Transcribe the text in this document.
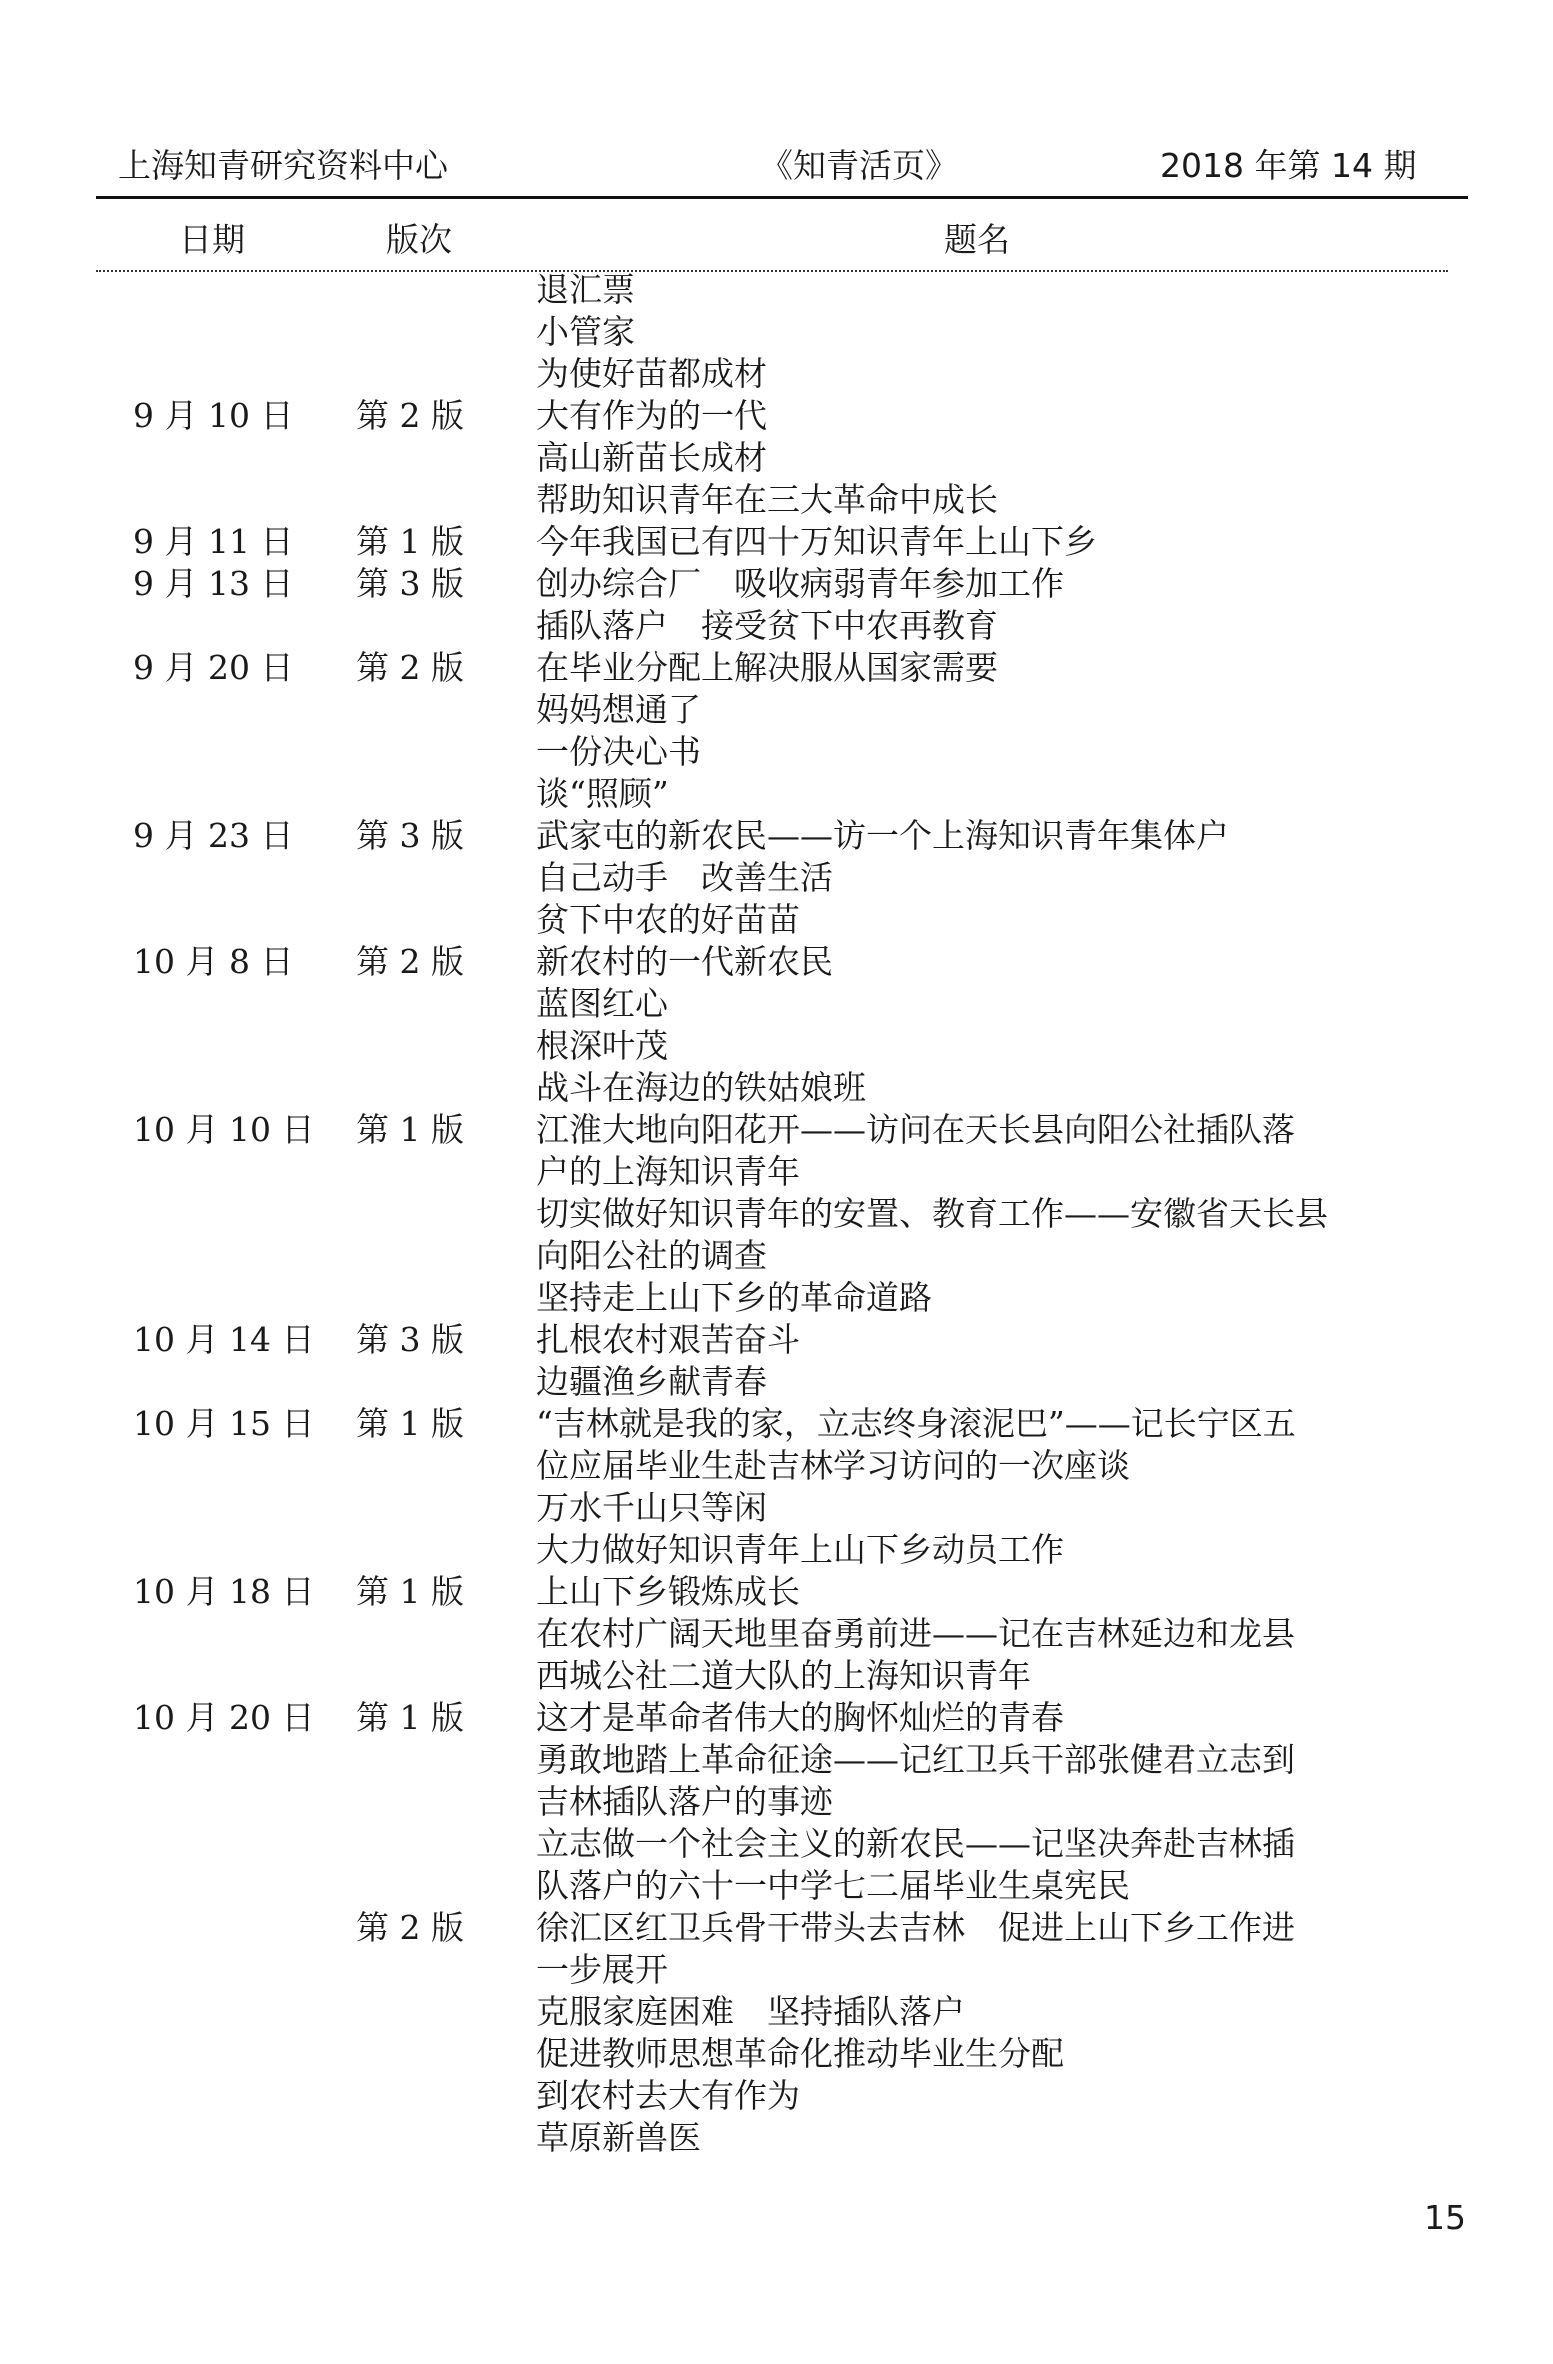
上海知青研究资料中心	《知青活页》	2018 年第 14 期
日期	版次	题名
退汇票
小管家
为使好苗都成材
9 月 10 日 第 2 版 大有作为的一代
高山新苗长成材
帮助知识青年在三大革命中成长
9 月 11 日 第 1 版 今年我国已有四十万知识青年上山下乡
9 月 13 日 第 3 版 创办综合厂　吸收病弱青年参加工作
插队落户　接受贫下中农再教育
9 月 20 日 第 2 版 在毕业分配上解决服从国家需要
妈妈想通了
一份决心书
谈“照顾”
9 月 23 日 第 3 版 武家屯的新农民——访一个上海知识青年集体户
自己动手　改善生活
贫下中农的好苗苗
10 月 8 日 第 2 版 新农村的一代新农民
蓝图红心
根深叶茂
战斗在海边的铁姑娘班
10 月 10 日 第 1 版 江淮大地向阳花开——访问在天长县向阳公社插队落
户的上海知识青年
切实做好知识青年的安置、教育工作——安徽省天长县
向阳公社的调查
坚持走上山下乡的革命道路
10 月 14 日 第 3 版 扎根农村艰苦奋斗
边疆渔乡献青春
10 月 15 日 第 1 版 “吉林就是我的家，立志终身滚泥巴”——记长宁区五
位应届毕业生赴吉林学习访问的一次座谈
万水千山只等闲
大力做好知识青年上山下乡动员工作
10 月 18 日 第 1 版 上山下乡锻炼成长
在农村广阔天地里奋勇前进——记在吉林延边和龙县
西城公社二道大队的上海知识青年
10 月 20 日 第 1 版 这才是革命者伟大的胸怀灿烂的青春
勇敢地踏上革命征途——记红卫兵干部张健君立志到
吉林插队落户的事迹
立志做一个社会主义的新农民——记坚决奔赴吉林插
队落户的六十一中学七二届毕业生桌宪民
第 2 版 徐汇区红卫兵骨干带头去吉林　促进上山下乡工作进
一步展开
克服家庭困难　坚持插队落户
促进教师思想革命化推动毕业生分配
到农村去大有作为
草原新兽医
15
